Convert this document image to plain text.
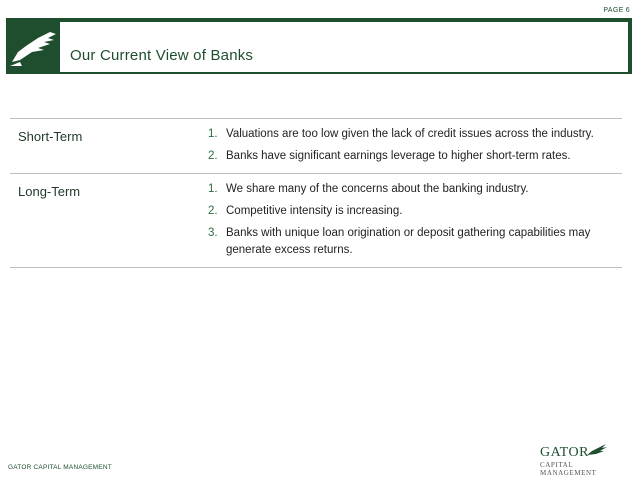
PAGE 6
Our Current View of Banks
Short-Term	1. Valuations are too low given the lack of credit issues across the industry.
2. Banks have significant earnings leverage to higher short-term rates.
Long-Term	1. We share many of the concerns about the banking industry.
2. Competitive intensity is increasing.
3. Banks with unique loan origination or deposit gathering capabilities may generate excess returns.
GATOR CAPITAL MANAGEMENT
GATOR
CAPITAL MANAGEMENT
